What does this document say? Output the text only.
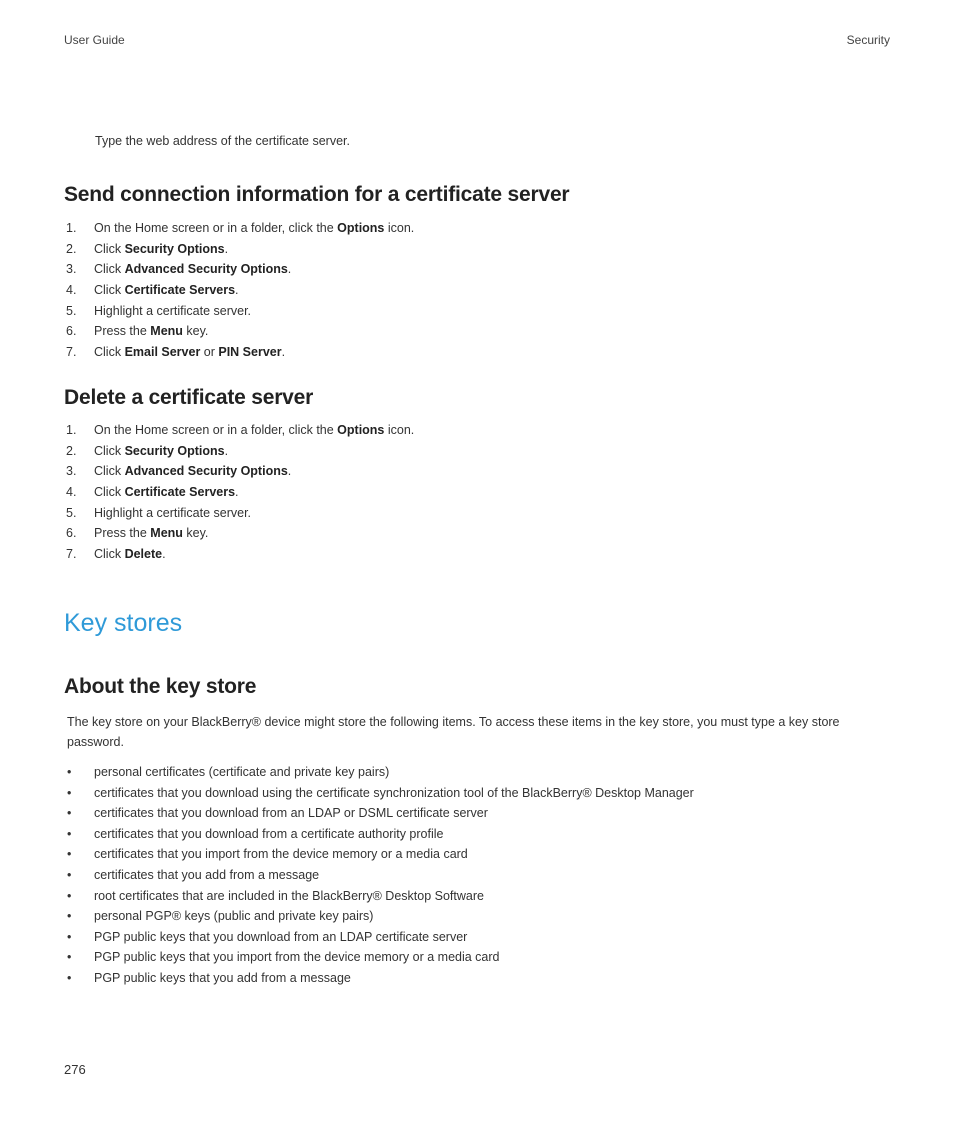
User Guide	Security
Type the web address of the certificate server.
Send connection information for a certificate server
1. On the Home screen or in a folder, click the Options icon.
2. Click Security Options.
3. Click Advanced Security Options.
4. Click Certificate Servers.
5. Highlight a certificate server.
6. Press the Menu key.
7. Click Email Server or PIN Server.
Delete a certificate server
1. On the Home screen or in a folder, click the Options icon.
2. Click Security Options.
3. Click Advanced Security Options.
4. Click Certificate Servers.
5. Highlight a certificate server.
6. Press the Menu key.
7. Click Delete.
Key stores
About the key store

The key store on your BlackBerry® device might store the following items. To access these items in the key store, you must type a key store password.

• personal certificates (certificate and private key pairs)
• certificates that you download using the certificate synchronization tool of the BlackBerry® Desktop Manager
• certificates that you download from an LDAP or DSML certificate server
• certificates that you download from a certificate authority profile
• certificates that you import from the device memory or a media card
• certificates that you add from a message
• root certificates that are included in the BlackBerry® Desktop Software
• personal PGP® keys (public and private key pairs)
• PGP public keys that you download from an LDAP certificate server
• PGP public keys that you import from the device memory or a media card
• PGP public keys that you add from a message
276
